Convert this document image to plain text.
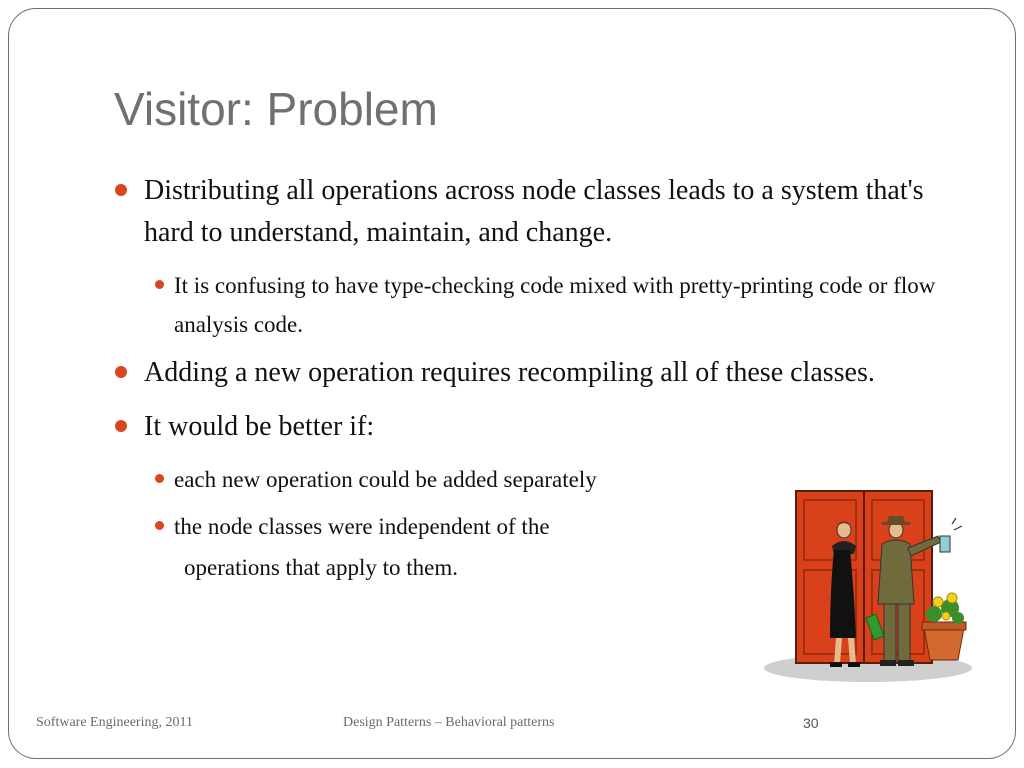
Visitor: Problem
Distributing all operations across node classes leads to a system that's hard to understand, maintain, and change.
It is confusing to have type-checking code mixed with pretty-printing code or flow analysis code.
Adding a new operation requires recompiling all of these classes.
It would be better if:
each new operation could be added separately
the node classes were independent of the
operations that apply to them.
Software Engineering, 2011	Design Patterns – Behavioral patterns	30
